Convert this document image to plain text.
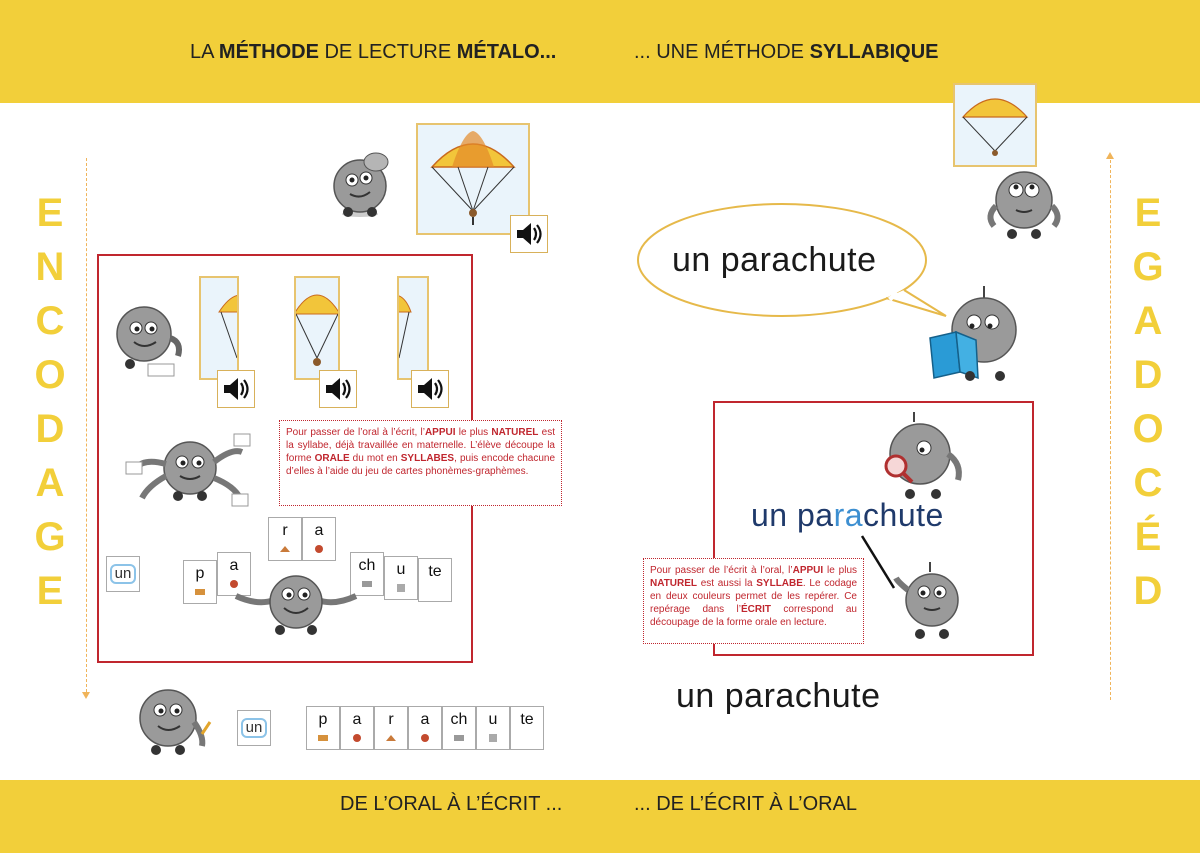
LA MÉTHODE DE LECTURE MÉTALO...	... UNE MÉTHODE SYLLABIQUE
DE L’ORAL À L’ÉCRIT ...	... DE L’ÉCRIT À L’ORAL
E
N
C
O
D
A
G
E
E
G
A
D
O
C
É
D
Pour passer de l’oral à l’écrit, l’APPUI le plus NATUREL est la syllabe, déjà travaillée en maternelle. L’élève découpe la forme ORALE du mot en SYLLABES, puis encode chacune d’elles à l’aide du jeu de cartes phonèmes-graphèmes.
un
r	a
p	a	ch	u	te
un	p	a	r	a	ch	u	te
un parachute
un parachute
Pour passer de l’écrit à l’oral, l’APPUI le plus NATUREL est aussi la SYLLABE. Le codage en deux couleurs permet de les repérer. Ce repérage dans l’ÉCRIT correspond au découpage de la forme orale en lecture.
un parachute
